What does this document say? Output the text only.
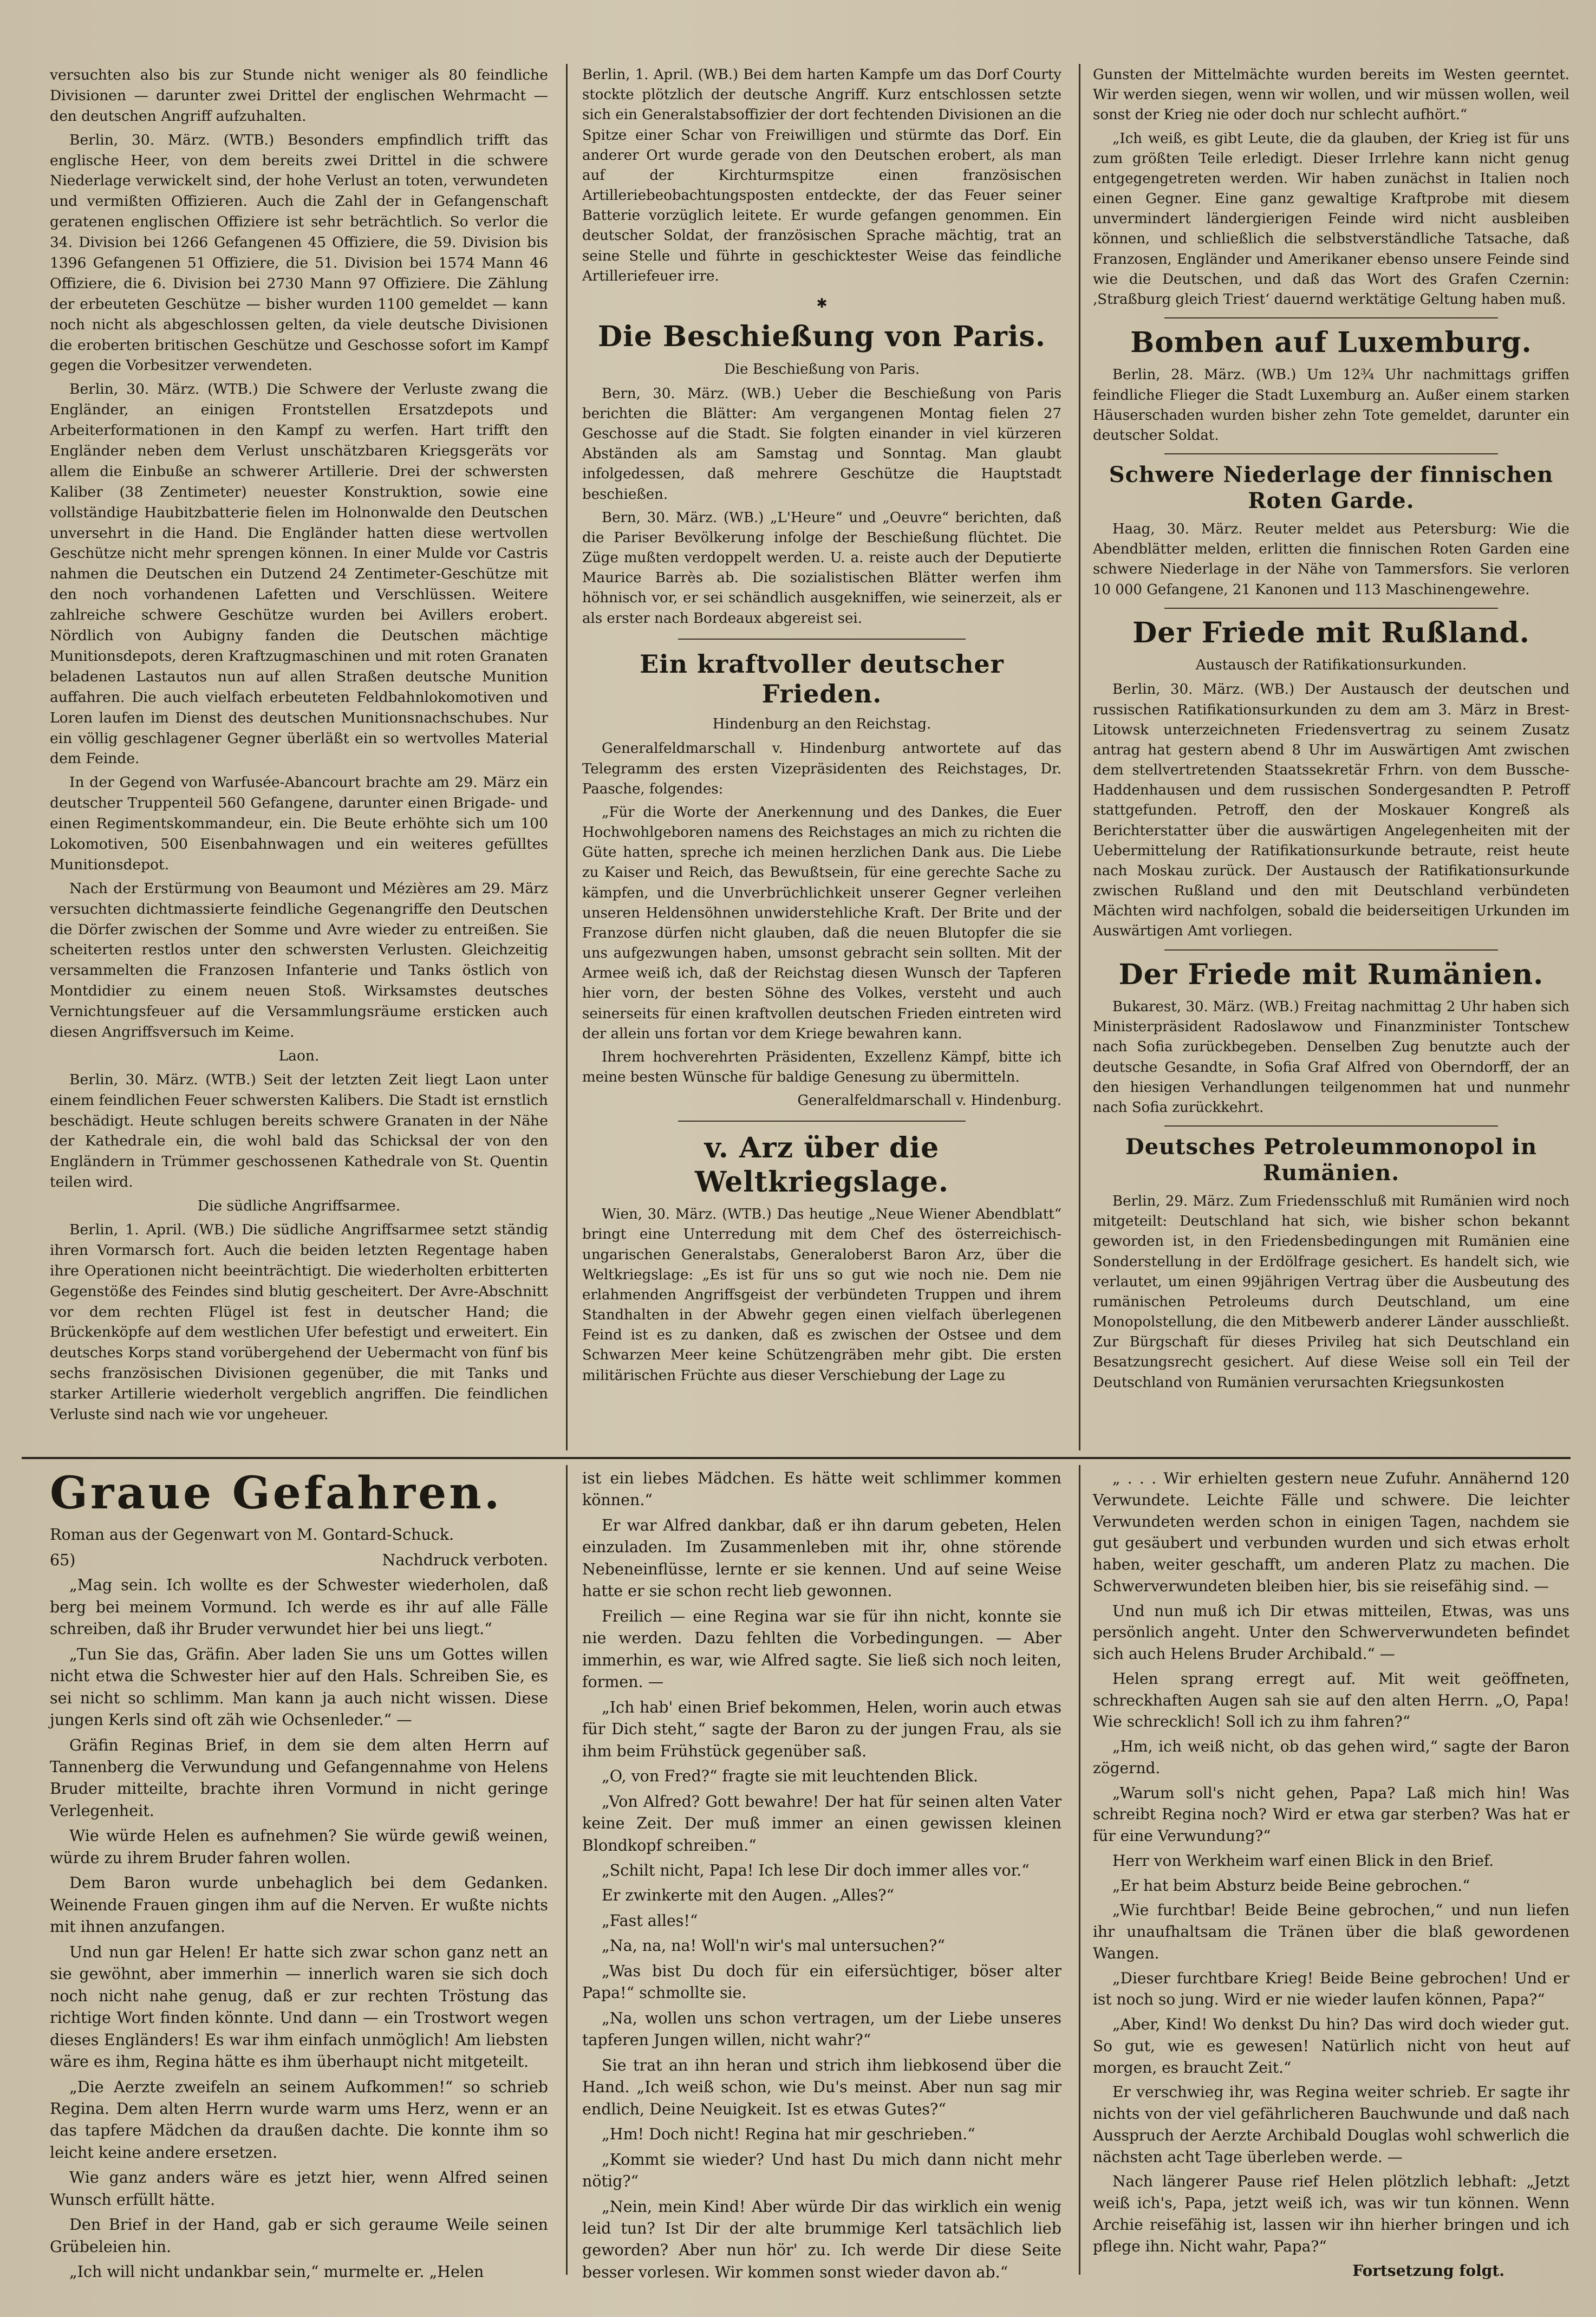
versuchten also bis zur Stunde nicht weniger als 80 feindliche Divisionen — darunter zwei Drittel der englischen Wehrmacht — den deutschen Angriff aufzuhalten.

Berlin, 30. März. (WTB.) Besonders empfindlich trifft das englische Heer, von dem bereits zwei Drittel in die schwere Niederlage verwickelt sind, der hohe Verlust an toten, verwundeten und vermißten Offizieren. Auch die Zahl der in Gefangenschaft geratenen englischen Offiziere ist sehr beträchtlich. So verlor die 34. Division bei 1266 Gefangenen 45 Offiziere, die 59. Division bis 1396 Gefangenen 51 Offiziere, die 51. Division bei 1574 Mann 46 Offiziere, die 6. Division bei 2730 Mann 97 Offiziere. Die Zählung der erbeuteten Geschütze — bisher wurden 1100 gemeldet — kann noch nicht als abgeschlossen gelten, da viele deutsche Divisionen die eroberten britischen Geschütze und Geschosse sofort im Kampf gegen die Vorbesitzer verwendeten.

Berlin, 30. März. (WTB.) Die Schwere der Verluste zwang die Engländer, an einigen Frontstellen Ersatzdepots und Arbeiterformationen in den Kampf zu werfen. Hart trifft den Engländer neben dem Verlust unschätzbaren Kriegsgeräts vor allem die Einbuße an schwerer Artillerie. Drei der schwersten Kaliber (38 Zentimeter) neuester Konstruktion, sowie eine vollständige Haubitzbatterie fielen im Holnonwalde den Deutschen unversehrt in die Hand. Die Engländer hatten diese wertvollen Geschütze nicht mehr sprengen können. In einer Mulde vor Castris nahmen die Deutschen ein Dutzend 24 Zentimeter-Geschütze mit den noch vorhandenen Lafetten und Verschlüssen. Weitere zahlreiche schwere Geschütze wurden bei Avillers erobert. Nördlich von Aubigny fanden die Deutschen mächtige Munitionsdepots, deren Kraftzugmaschinen und mit roten Granaten beladenen Lastautos nun auf allen Straßen deutsche Munition auffahren. Die auch vielfach erbeuteten Feldbahnlokomotiven und Loren laufen im Dienst des deutschen Munitionsnachschubes. Nur ein völlig geschlagener Gegner überläßt ein so wertvolles Material dem Feinde.

In der Gegend von Warfusée-Abancourt brachte am 29. März ein deutscher Truppenteil 560 Gefangene, darunter einen Brigade- und einen Regimentskommandeur, ein. Die Beute erhöhte sich um 100 Lokomotiven, 500 Eisenbahnwagen und ein weiteres gefülltes Munitionsdepot.

Nach der Erstürmung von Beaumont und Mézières am 29. März versuchten dichtmassierte feindliche Gegenangriffe den Deutschen die Dörfer zwischen der Somme und Avre wieder zu entreißen. Sie scheiterten restlos unter den schwersten Verlusten. Gleichzeitig versammelten die Franzosen Infanterie und Tanks östlich von Montdidier zu einem neuen Stoß. Wirksamstes deutsches Vernichtungsfeuer auf die Versammlungsräume ersticken auch diesen Angriffsversuch im Keime.

Laon.

Berlin, 30. März. (WTB.) Seit der letzten Zeit liegt Laon unter einem feindlichen Feuer schwersten Kalibers. Die Stadt ist ernstlich beschädigt. Heute schlugen bereits schwere Granaten in der Nähe der Kathedrale ein, die wohl bald das Schicksal der von den Engländern in Trümmer geschossenen Kathedrale von St. Quentin teilen wird.

Die südliche Angriffsarmee.

Berlin, 1. April. (WB.) Die südliche Angriffsarmee setzt ständig ihren Vormarsch fort. Auch die beiden letzten Regentage haben ihre Operationen nicht beeinträchtigt. Die wiederholten erbitterten Gegenstöße des Feindes sind blutig gescheitert. Der Avre-Abschnitt vor dem rechten Flügel ist fest in deutscher Hand; die Brückenköpfe auf dem westlichen Ufer befestigt und erweitert. Ein deutsches Korps stand vorübergehend der Uebermacht von fünf bis sechs französischen Divisionen gegenüber, die mit Tanks und starker Artillerie wiederholt vergeblich angriffen. Die feindlichen Verluste sind nach wie vor ungeheuer.

Berlin, 1. April. (WB.) Bei dem harten Kampfe um das Dorf Courty stockte plötzlich der deutsche Angriff. Kurz entschlossen setzte sich ein Generalstabsoffizier der dort fechtenden Divisionen an die Spitze einer Schar von Freiwilligen und stürmte das Dorf. Ein anderer Ort wurde gerade von den Deutschen erobert, als man auf der Kirchturmspitze einen französischen Artilleriebeobachtungsposten entdeckte, der das Feuer seiner Batterie vorzüglich leitete. Er wurde gefangen genommen. Ein deutscher Soldat, der französischen Sprache mächtig, trat an seine Stelle und führte in geschicktester Weise das feindliche Artilleriefeuer irre.

✱
Die Beschießung von Paris.

Die Beschießung von Paris.

Bern, 30. März. (WB.) Ueber die Beschießung von Paris berichten die Blätter: Am vergangenen Montag fielen 27 Geschosse auf die Stadt. Sie folgten einander in viel kürzeren Abständen als am Samstag und Sonntag. Man glaubt infolgedessen, daß mehrere Geschütze die Hauptstadt beschießen.

Bern, 30. März. (WB.) „L'Heure“ und „Oeuvre“ berichten, daß die Pariser Bevölkerung infolge der Beschießung flüchtet. Die Züge mußten verdoppelt werden. U. a. reiste auch der Deputierte Maurice Barrès ab. Die sozialistischen Blätter werfen ihm höhnisch vor, er sei schändlich ausgekniffen, wie seinerzeit, als er als erster nach Bordeaux abgereist sei.

Ein kraftvoller deutscher Frieden.

Hindenburg an den Reichstag.

Generalfeldmarschall v. Hindenburg antwortete auf das Telegramm des ersten Vizepräsidenten des Reichstages, Dr. Paasche, folgendes:

„Für die Worte der Anerkennung und des Dankes, die Euer Hochwohlgeboren namens des Reichstages an mich zu richten die Güte hatten, spreche ich meinen herzlichen Dank aus. Die Liebe zu Kaiser und Reich, das Bewußtsein, für eine gerechte Sache zu kämpfen, und die Unverbrüchlichkeit unserer Gegner verleihen unseren Heldensöhnen unwiderstehliche Kraft. Der Brite und der Franzose dürfen nicht glauben, daß die neuen Blutopfer die sie uns aufgezwungen haben, umsonst gebracht sein sollten. Mit der Armee weiß ich, daß der Reichstag diesen Wunsch der Tapferen hier vorn, der besten Söhne des Volkes, versteht und auch seinerseits für einen kraftvollen deutschen Frieden eintreten wird der allein uns fortan vor dem Kriege bewahren kann.

Ihrem hochverehrten Präsidenten, Exzellenz Kämpf, bitte ich meine besten Wünsche für baldige Genesung zu übermitteln.

Generalfeldmarschall v. Hindenburg.

v. Arz über die Weltkriegslage.

Wien, 30. März. (WTB.) Das heutige „Neue Wiener Abendblatt“ bringt eine Unterredung mit dem Chef des österreichisch-ungarischen Generalstabs, Generaloberst Baron Arz, über die Weltkriegslage: „Es ist für uns so gut wie noch nie. Dem nie erlahmenden Angriffsgeist der verbündeten Truppen und ihrem Standhalten in der Abwehr gegen einen vielfach überlegenen Feind ist es zu danken, daß es zwischen der Ostsee und dem Schwarzen Meer keine Schützengräben mehr gibt. Die ersten militärischen Früchte aus dieser Verschiebung der Lage zu

Gunsten der Mittelmächte wurden bereits im Westen geerntet. Wir werden siegen, wenn wir wollen, und wir müssen wollen, weil sonst der Krieg nie oder doch nur schlecht aufhört.“

„Ich weiß, es gibt Leute, die da glauben, der Krieg ist für uns zum größten Teile erledigt. Dieser Irrlehre kann nicht genug entgegengetreten werden. Wir haben zunächst in Italien noch einen Gegner. Eine ganz gewaltige Kraftprobe mit diesem unvermindert ländergierigen Feinde wird nicht ausbleiben können, und schließlich die selbstverständliche Tatsache, daß Franzosen, Engländer und Amerikaner ebenso unsere Feinde sind wie die Deutschen, und daß das Wort des Grafen Czernin: ‚Straßburg gleich Triest‘ dauernd werktätige Geltung haben muß.

Bomben auf Luxemburg.

Berlin, 28. März. (WB.) Um 12¾ Uhr nachmittags griffen feindliche Flieger die Stadt Luxemburg an. Außer einem starken Häuserschaden wurden bisher zehn Tote gemeldet, darunter ein deutscher Soldat.

Schwere Niederlage der finnischen Roten Garde.

Haag, 30. März. Reuter meldet aus Petersburg: Wie die Abendblätter melden, erlitten die finnischen Roten Garden eine schwere Niederlage in der Nähe von Tammersfors. Sie verloren 10 000 Gefangene, 21 Kanonen und 113 Maschinengewehre.

Der Friede mit Rußland.

Austausch der Ratifikationsurkunden.

Berlin, 30. März. (WB.) Der Austausch der deutschen und russischen Ratifikationsurkunden zu dem am 3. März in Brest-Litowsk unterzeichneten Friedensvertrag zu seinem Zusatz antrag hat gestern abend 8 Uhr im Auswärtigen Amt zwischen dem stellvertretenden Staatssekretär Frhrn. von dem Bussche-Haddenhausen und dem russischen Sondergesandten P. Petroff stattgefunden. Petroff, den der Moskauer Kongreß als Berichterstatter über die auswärtigen Angelegenheiten mit der Uebermittelung der Ratifikationsurkunde betraute, reist heute nach Moskau zurück. Der Austausch der Ratifikationsurkunde zwischen Rußland und den mit Deutschland verbündeten Mächten wird nachfolgen, sobald die beiderseitigen Urkunden im Auswärtigen Amt vorliegen.

Der Friede mit Rumänien.

Bukarest, 30. März. (WB.) Freitag nachmittag 2 Uhr haben sich Ministerpräsident Radoslawow und Finanzminister Tontschew nach Sofia zurückbegeben. Denselben Zug benutzte auch der deutsche Gesandte, in Sofia Graf Alfred von Oberndorff, der an den hiesigen Verhandlungen teilgenommen hat und nunmehr nach Sofia zurückkehrt.

Deutsches Petroleummonopol in Rumänien.

Berlin, 29. März. Zum Friedensschluß mit Rumänien wird noch mitgeteilt: Deutschland hat sich, wie bisher schon bekannt geworden ist, in den Friedensbedingungen mit Rumänien eine Sonderstellung in der Erdölfrage gesichert. Es handelt sich, wie verlautet, um einen 99jährigen Vertrag über die Ausbeutung des rumänischen Petroleums durch Deutschland, um eine Monopolstellung, die den Mitbewerb anderer Länder ausschließt. Zur Bürgschaft für dieses Privileg hat sich Deutschland ein Besatzungsrecht gesichert. Auf diese Weise soll ein Teil der Deutschland von Rumänien verursachten Kriegsunkosten

Graue Gefahren.

Roman aus der Gegenwart von M. Gontard-Schuck.

65)	Nachdruck verboten.

„Mag sein. Ich wollte es der Schwester wiederholen, daß berg bei meinem Vormund. Ich werde es ihr auf alle Fälle schreiben, daß ihr Bruder verwundet hier bei uns liegt.“

„Tun Sie das, Gräfin. Aber laden Sie uns um Gottes willen nicht etwa die Schwester hier auf den Hals. Schreiben Sie, es sei nicht so schlimm. Man kann ja auch nicht wissen. Diese jungen Kerls sind oft zäh wie Ochsenleder.“ —

Gräfin Reginas Brief, in dem sie dem alten Herrn auf Tannenberg die Verwundung und Gefangennahme von Helens Bruder mitteilte, brachte ihren Vormund in nicht geringe Verlegenheit.

Wie würde Helen es aufnehmen? Sie würde gewiß weinen, würde zu ihrem Bruder fahren wollen.

Dem Baron wurde unbehaglich bei dem Gedanken. Weinende Frauen gingen ihm auf die Nerven. Er wußte nichts mit ihnen anzufangen.

Und nun gar Helen! Er hatte sich zwar schon ganz nett an sie gewöhnt, aber immerhin — innerlich waren sie sich doch noch nicht nahe genug, daß er zur rechten Tröstung das richtige Wort finden könnte. Und dann — ein Trostwort wegen dieses Engländers! Es war ihm einfach unmöglich! Am liebsten wäre es ihm, Regina hätte es ihm überhaupt nicht mitgeteilt.

„Die Aerzte zweifeln an seinem Aufkommen!“ so schrieb Regina. Dem alten Herrn wurde warm ums Herz, wenn er an das tapfere Mädchen da draußen dachte. Die konnte ihm so leicht keine andere ersetzen.

Wie ganz anders wäre es jetzt hier, wenn Alfred seinen Wunsch erfüllt hätte.

Den Brief in der Hand, gab er sich geraume Weile seinen Grübeleien hin.

„Ich will nicht undankbar sein,“ murmelte er. „Helen

ist ein liebes Mädchen. Es hätte weit schlimmer kommen können.“

Er war Alfred dankbar, daß er ihn darum gebeten, Helen einzuladen. Im Zusammenleben mit ihr, ohne störende Nebeneinflüsse, lernte er sie kennen. Und auf seine Weise hatte er sie schon recht lieb gewonnen.

Freilich — eine Regina war sie für ihn nicht, konnte sie nie werden. Dazu fehlten die Vorbedingungen. — Aber immerhin, es war, wie Alfred sagte. Sie ließ sich noch leiten, formen. —

„Ich hab' einen Brief bekommen, Helen, worin auch etwas für Dich steht,“ sagte der Baron zu der jungen Frau, als sie ihm beim Frühstück gegenüber saß.

„O, von Fred?“ fragte sie mit leuchtenden Blick.

„Von Alfred? Gott bewahre! Der hat für seinen alten Vater keine Zeit. Der muß immer an einen gewissen kleinen Blondkopf schreiben.“

„Schilt nicht, Papa! Ich lese Dir doch immer alles vor.“

Er zwinkerte mit den Augen. „Alles?“

„Fast alles!“

„Na, na, na! Woll'n wir's mal untersuchen?“

„Was bist Du doch für ein eifersüchtiger, böser alter Papa!“ schmollte sie.

„Na, wollen uns schon vertragen, um der Liebe unseres tapferen Jungen willen, nicht wahr?“

Sie trat an ihn heran und strich ihm liebkosend über die Hand. „Ich weiß schon, wie Du's meinst. Aber nun sag mir endlich, Deine Neuigkeit. Ist es etwas Gutes?“

„Hm! Doch nicht! Regina hat mir geschrieben.“

„Kommt sie wieder? Und hast Du mich dann nicht mehr nötig?“

„Nein, mein Kind! Aber würde Dir das wirklich ein wenig leid tun? Ist Dir der alte brummige Kerl tatsächlich lieb geworden? Aber nun hör' zu. Ich werde Dir diese Seite besser vorlesen. Wir kommen sonst wieder davon ab.“

„ . . . Wir erhielten gestern neue Zufuhr. Annähernd 120 Verwundete. Leichte Fälle und schwere. Die leichter Verwundeten werden schon in einigen Tagen, nachdem sie gut gesäubert und verbunden wurden und sich etwas erholt haben, weiter geschafft, um anderen Platz zu machen. Die Schwerverwundeten bleiben hier, bis sie reisefähig sind. —

Und nun muß ich Dir etwas mitteilen, Etwas, was uns persönlich angeht. Unter den Schwerverwundeten befindet sich auch Helens Bruder Archibald.“ —

Helen sprang erregt auf. Mit weit geöffneten, schreckhaften Augen sah sie auf den alten Herrn. „O, Papa! Wie schrecklich! Soll ich zu ihm fahren?“

„Hm, ich weiß nicht, ob das gehen wird,“ sagte der Baron zögernd.

„Warum soll's nicht gehen, Papa? Laß mich hin! Was schreibt Regina noch? Wird er etwa gar sterben? Was hat er für eine Verwundung?“

Herr von Werkheim warf einen Blick in den Brief.

„Er hat beim Absturz beide Beine gebrochen.“

„Wie furchtbar! Beide Beine gebrochen,“ und nun liefen ihr unaufhaltsam die Tränen über die blaß gewordenen Wangen.

„Dieser furchtbare Krieg! Beide Beine gebrochen! Und er ist noch so jung. Wird er nie wieder laufen können, Papa?“

„Aber, Kind! Wo denkst Du hin? Das wird doch wieder gut. So gut, wie es gewesen! Natürlich nicht von heut auf morgen, es braucht Zeit.“

Er verschwieg ihr, was Regina weiter schrieb. Er sagte ihr nichts von der viel gefährlicheren Bauchwunde und daß nach Ausspruch der Aerzte Archibald Douglas wohl schwerlich die nächsten acht Tage überleben werde. —

Nach längerer Pause rief Helen plötzlich lebhaft: „Jetzt weiß ich's, Papa, jetzt weiß ich, was wir tun können. Wenn Archie reisefähig ist, lassen wir ihn hierher bringen und ich pflege ihn. Nicht wahr, Papa?“

Fortsetzung folgt.
